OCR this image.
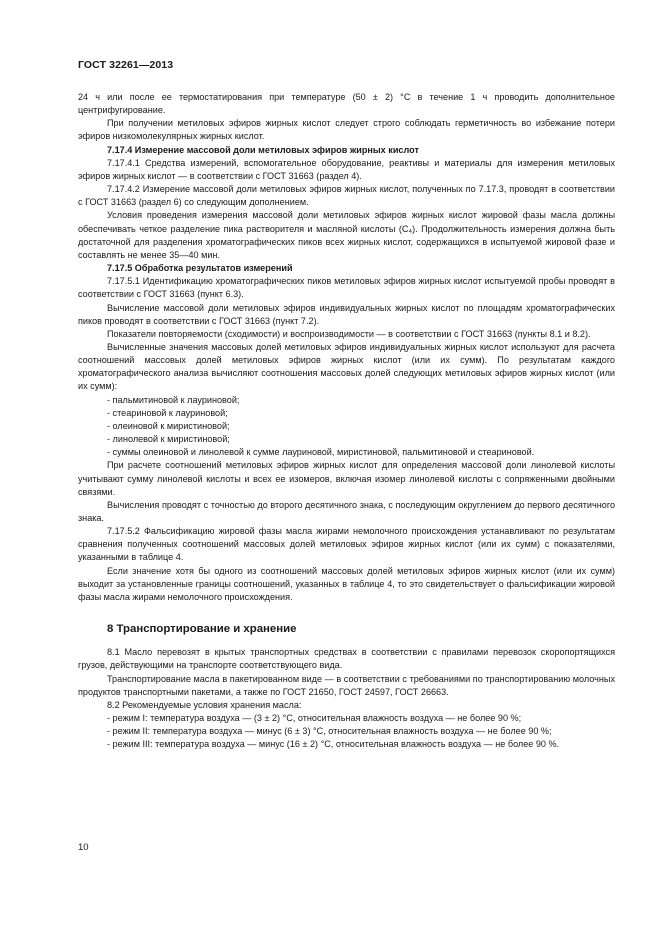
ГОСТ 32261—2013

24 ч или после ее термостатирования при температуре (50 ± 2) °С в течение 1 ч проводить дополнительное центрифугирование.

При получении метиловых эфиров жирных кислот следует строго соблюдать герметичность во избежание потери эфиров низкомолекулярных жирных кислот.

7.17.4 Измерение массовой доли метиловых эфиров жирных кислот

7.17.4.1 Средства измерений, вспомогательное оборудование, реактивы и материалы для измерения метиловых эфиров жирных кислот — в соответствии с ГОСТ 31663 (раздел 4).

7.17.4.2 Измерение массовой доли метиловых эфиров жирных кислот, полученных по 7.17.3, проводят в соответствии с ГОСТ 31663 (раздел 6) со следующим дополнением.

Условия проведения измерения массовой доли метиловых эфиров жирных кислот жировой фазы масла должны обеспечивать четкое разделение пика растворителя и масляной кислоты (C₄). Продолжительность измерения должна быть достаточной для разделения хроматографических пиков всех жирных кислот, содержащихся в испытуемой жировой фазе и составлять не менее 35—40 мин.

7.17.5 Обработка результатов измерений

7.17.5.1 Идентификацию хроматографических пиков метиловых эфиров жирных кислот испытуемой пробы проводят в соответствии с ГОСТ 31663 (пункт 6.3).

Вычисление массовой доли метиловых эфиров индивидуальных жирных кислот по площадям хроматографических пиков проводят в соответствии с ГОСТ 31663 (пункт 7.2).

Показатели повторяемости (сходимости) и воспроизводимости — в соответствии с ГОСТ 31663 (пункты 8.1 и 8.2).

Вычисленные значения массовых долей метиловых эфиров индивидуальных жирных кислот используют для расчета соотношений массовых долей метиловых эфиров жирных кислот (или их сумм). По результатам каждого хроматографического анализа вычисляют соотношения массовых долей следующих метиловых эфиров жирных кислот (или их сумм):

- пальмитиновой к лауриновой;

- стеариновой к лауриновой;

- олеиновой к миристиновой;

- линолевой к миристиновой;

- суммы олеиновой и линолевой к сумме лауриновой, миристиновой, пальмитиновой и стеариновой.

При расчете соотношений метиловых эфиров жирных кислот для определения массовой доли линолевой кислоты учитывают сумму линолевой кислоты и всех ее изомеров, включая изомер линолевой кислоты с сопряженными двойными связями.

Вычисления проводят с точностью до второго десятичного знака, с последующим округлением до первого десятичного знака.

7.17.5.2 Фальсификацию жировой фазы масла жирами немолочного происхождения устанавливают по результатам сравнения полученных соотношений массовых долей метиловых эфиров жирных кислот (или их сумм) с показателями, указанными в таблице 4.

Если значение хотя бы одного из соотношений массовых долей метиловых эфиров жирных кислот (или их сумм) выходит за установленные границы соотношений, указанных в таблице 4, то это свидетельствует о фальсификации жировой фазы масла жирами немолочного происхождения.

8 Транспортирование и хранение

8.1 Масло перевозят в крытых транспортных средствах в соответствии с правилами перевозок скоропортящихся грузов, действующими на транспорте соответствующего вида.

Транспортирование масла в пакетированном виде — в соответствии с требованиями по транспортированию молочных продуктов транспортными пакетами, а также по ГОСТ 21650, ГОСТ 24597, ГОСТ 26663.

8.2 Рекомендуемые условия хранения масла:

- режим I: температура воздуха — (3 ± 2) °С, относительная влажность воздуха — не более 90 %;

- режим II: температура воздуха — минус (6 ± 3) °С, относительная влажность воздуха — не более 90 %;

- режим III: температура воздуха — минус (16 ± 2) °С, относительная влажность воздуха — не более 90 %.

10
